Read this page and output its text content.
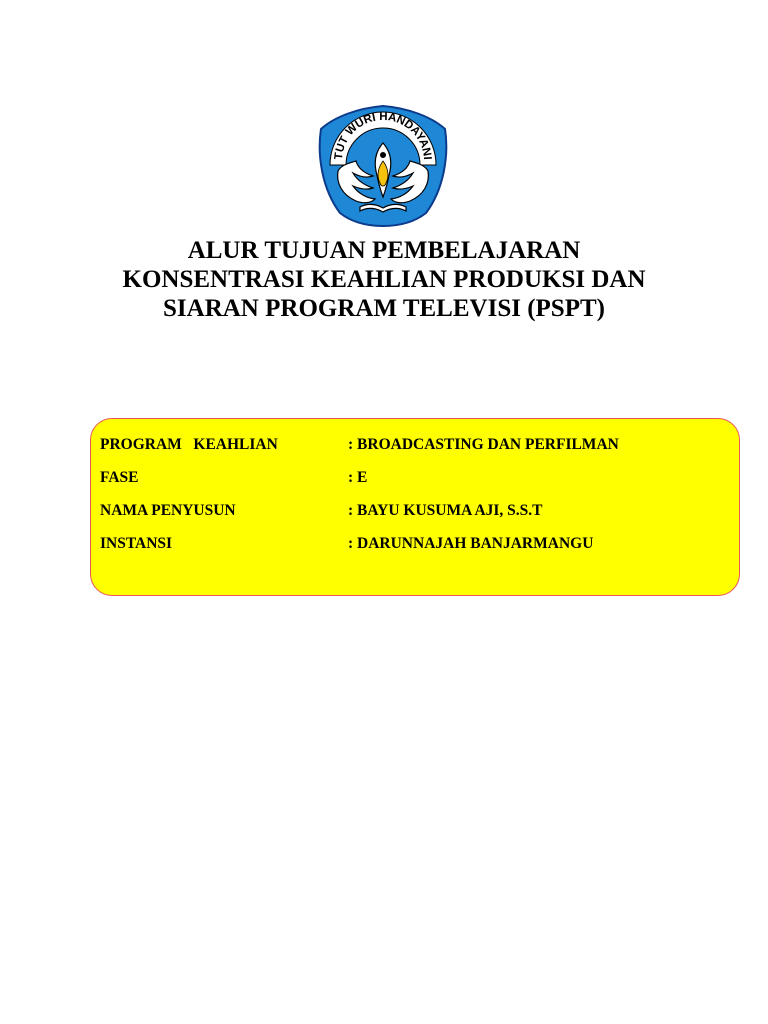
TUT WURI HANDAYANI
ALUR TUJUAN PEMBELAJARAN
KONSENTRASI KEAHLIAN PRODUKSI DAN
SIARAN PROGRAM TELEVISI (PSPT)
PROGRAM   KEAHLIAN	: BROADCASTING DAN PERFILMAN
FASE	: E
NAMA PENYUSUN	: BAYU KUSUMA AJI, S.S.T
INSTANSI	: DARUNNAJAH BANJARMANGU
